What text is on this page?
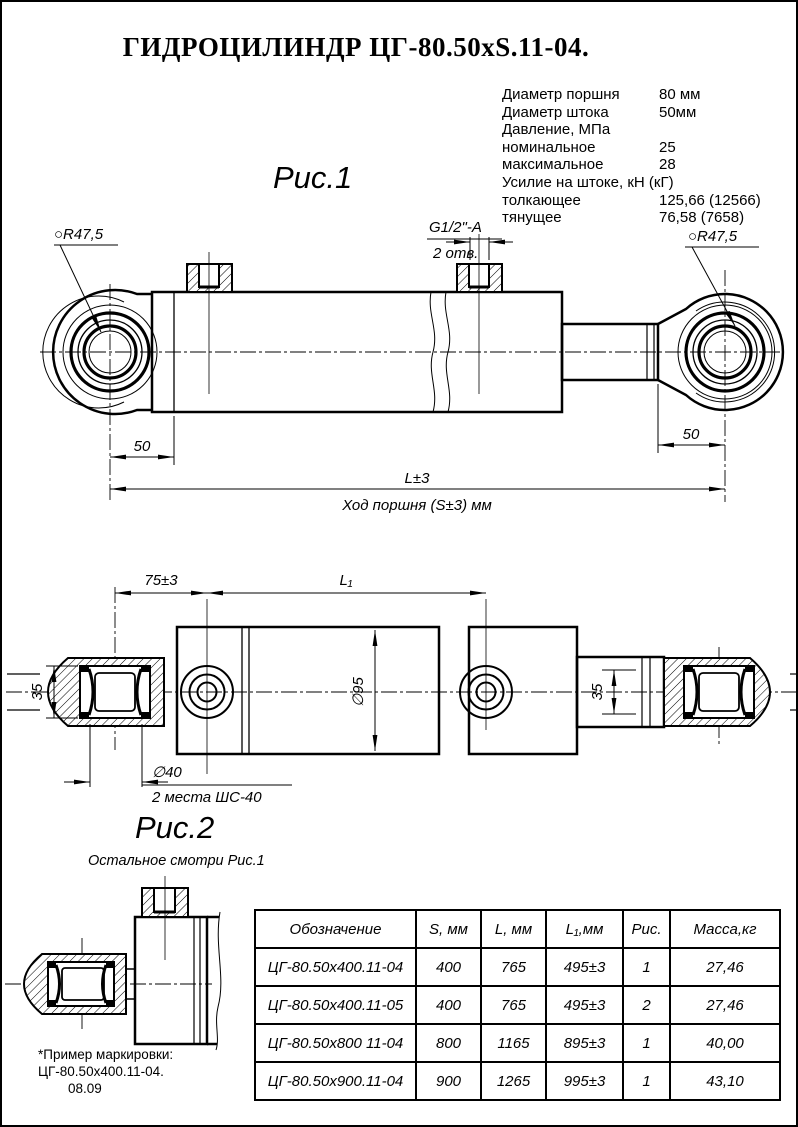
ГИДРОЦИЛИНДР ЦГ-80.50хS.11-04.
Диаметр поршня	80 мм
Диаметр штока	50мм
Давление, МПа
номинальное	25
максимальное	28
Усилие на штоке, кН (кГ)
толкающее	125,66 (12566)
тянущее	76,58 (7658)
Рис.1
Рис.2
Остальное смотри Рис.1
○R47,5	○R47,5
G1/2"-A
2 отв.
50
50
L±3
Ход поршня (S±3) мм
75±3	L₁
35	35
∅95
∅40
2 места ШС-40
Обозначение	S, мм	L, мм	L₁,мм	Рис.	Масса,кг
ЦГ-80.50х400.11-04	400	765	495±3	1	27,46
ЦГ-80.50х400.11-05	400	765	495±3	2	27,46
ЦГ-80.50х800 11-04	800	1165	895±3	1	40,00
ЦГ-80.50х900.11-04	900	1265	995±3	1	43,10
*Пример маркировки:
ЦГ-80.50х400.11-04.
08.09
